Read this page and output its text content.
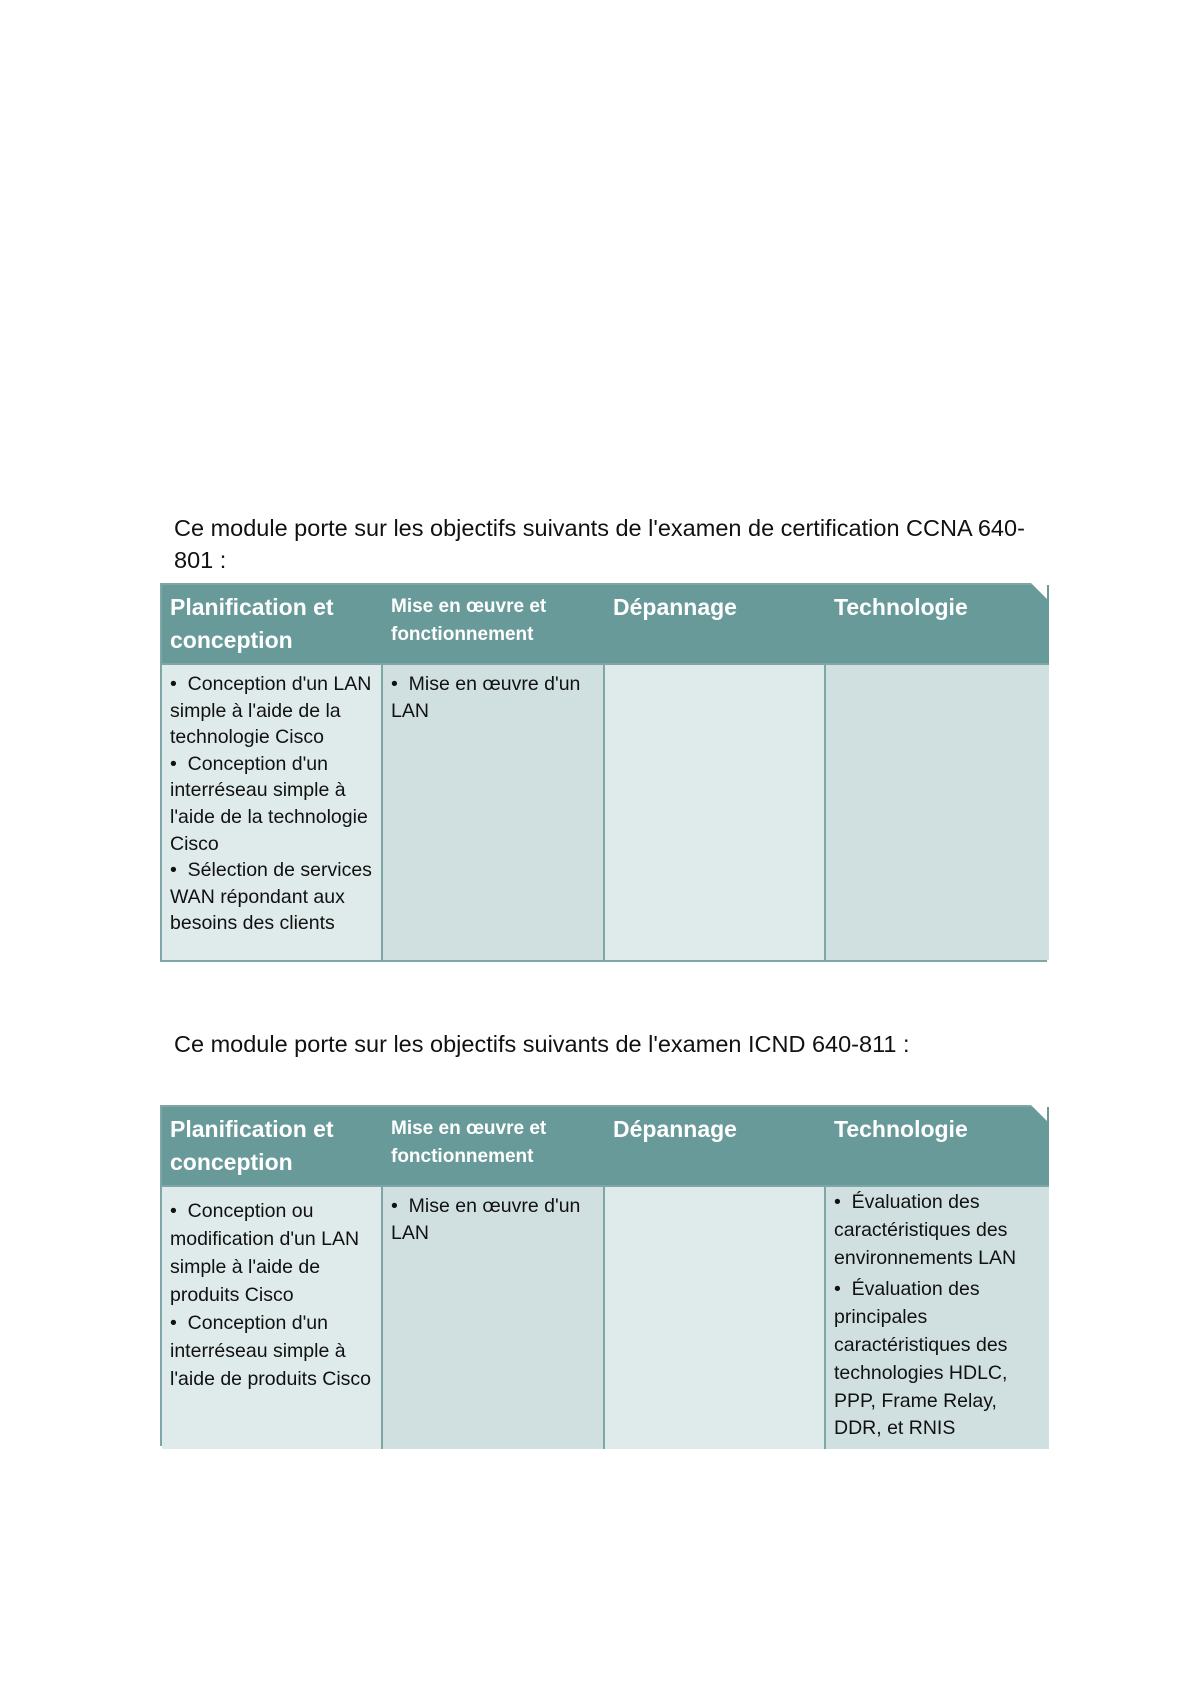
Ce module porte sur les objectifs suivants de l'examen de certification CCNA 640-801 :
Planification et conception
Mise en œuvre et fonctionnement
Dépannage	Technologie
•  Conception d'un LAN simple à l'aide de la technologie Cisco
•  Conception d'un interréseau simple à l'aide de la technologie Cisco
•  Sélection de services WAN répondant aux besoins des clients
•  Mise en œuvre d'un LAN
Ce module porte sur les objectifs suivants de l'examen ICND 640-811 :
Planification et conception
Mise en œuvre et fonctionnement
Dépannage	Technologie
•  Conception ou modification d'un LAN simple à l'aide de produits Cisco
•  Conception d'un interréseau simple à l'aide de produits Cisco
•  Mise en œuvre d'un LAN
•  Évaluation des caractéristiques des environnements LAN
•  Évaluation des principales caractéristiques des technologies HDLC, PPP, Frame Relay, DDR, et RNIS
